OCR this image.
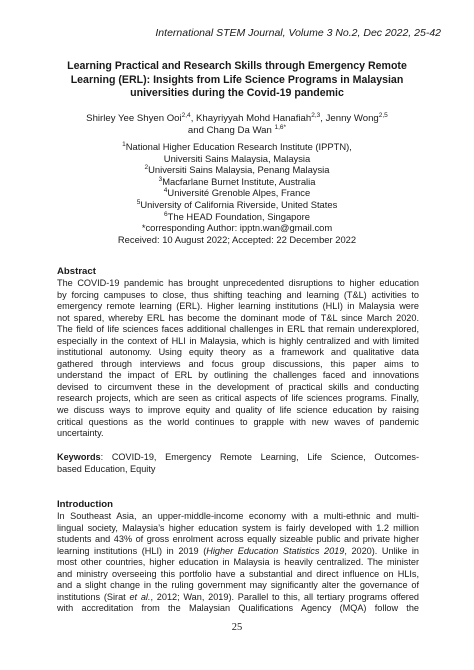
International STEM Journal, Volume 3 No.2, Dec 2022, 25-42
Learning Practical and Research Skills through Emergency Remote
Learning (ERL): Insights from Life Science Programs in Malaysian
universities during the Covid-19 pandemic
Shirley Yee Shyen Ooi$^{2,4}$, Khayriyyah Mohd Hanafiah$^{2,3}$, Jenny Wong$^{2,5}$
and Chang Da Wan $^{1,6*}$
$^1$National Higher Education Research Institute (IPPTN),
Universiti Sains Malaysia, Malaysia
$^2$Universiti Sains Malaysia, Penang Malaysia
$^3$Macfarlane Burnet Institute, Australia
$^4$Université Grenoble Alpes, France
$^5$University of California Riverside, United States
$^6$The HEAD Foundation, Singapore
*corresponding Author: ipptn.wan@gmail.com
Received: 10 August 2022; Accepted: 22 December 2022
Abstract
The COVID-19 pandemic has brought unprecedented disruptions to higher education
by forcing campuses to close, thus shifting teaching and learning (T&L) activities to
emergency remote learning (ERL). Higher learning institutions (HLI) in Malaysia were
not spared, whereby ERL has become the dominant mode of T&L since March 2020.
The field of life sciences faces additional challenges in ERL that remain underexplored,
especially in the context of HLI in Malaysia, which is highly centralized and with limited
institutional autonomy. Using equity theory as a framework and qualitative data
gathered through interviews and focus group discussions, this paper aims to
understand the impact of ERL by outlining the challenges faced and innovations
devised to circumvent these in the development of practical skills and conducting
research projects, which are seen as critical aspects of life sciences programs. Finally,
we discuss ways to improve equity and quality of life science education by raising
critical questions as the world continues to grapple with new waves of pandemic
uncertainty.
Keywords: COVID-19, Emergency Remote Learning, Life Science, Outcomes-
based Education, Equity
Introduction
In Southeast Asia, an upper-middle-income economy with a multi-ethnic and multi-
lingual society, Malaysia’s higher education system is fairly developed with 1.2 million
students and 43% of gross enrolment across equally sizeable public and private higher
learning institutions (HLI) in 2019 (Higher Education Statistics 2019, 2020). Unlike in
most other countries, higher education in Malaysia is heavily centralized. The minister
and ministry overseeing this portfolio have a substantial and direct influence on HLIs,
and a slight change in the ruling government may significantly alter the governance of
institutions (Sirat et al., 2012; Wan, 2019). Parallel to this, all tertiary programs offered
with accreditation from the Malaysian Qualifications Agency (MQA) follow the
25
